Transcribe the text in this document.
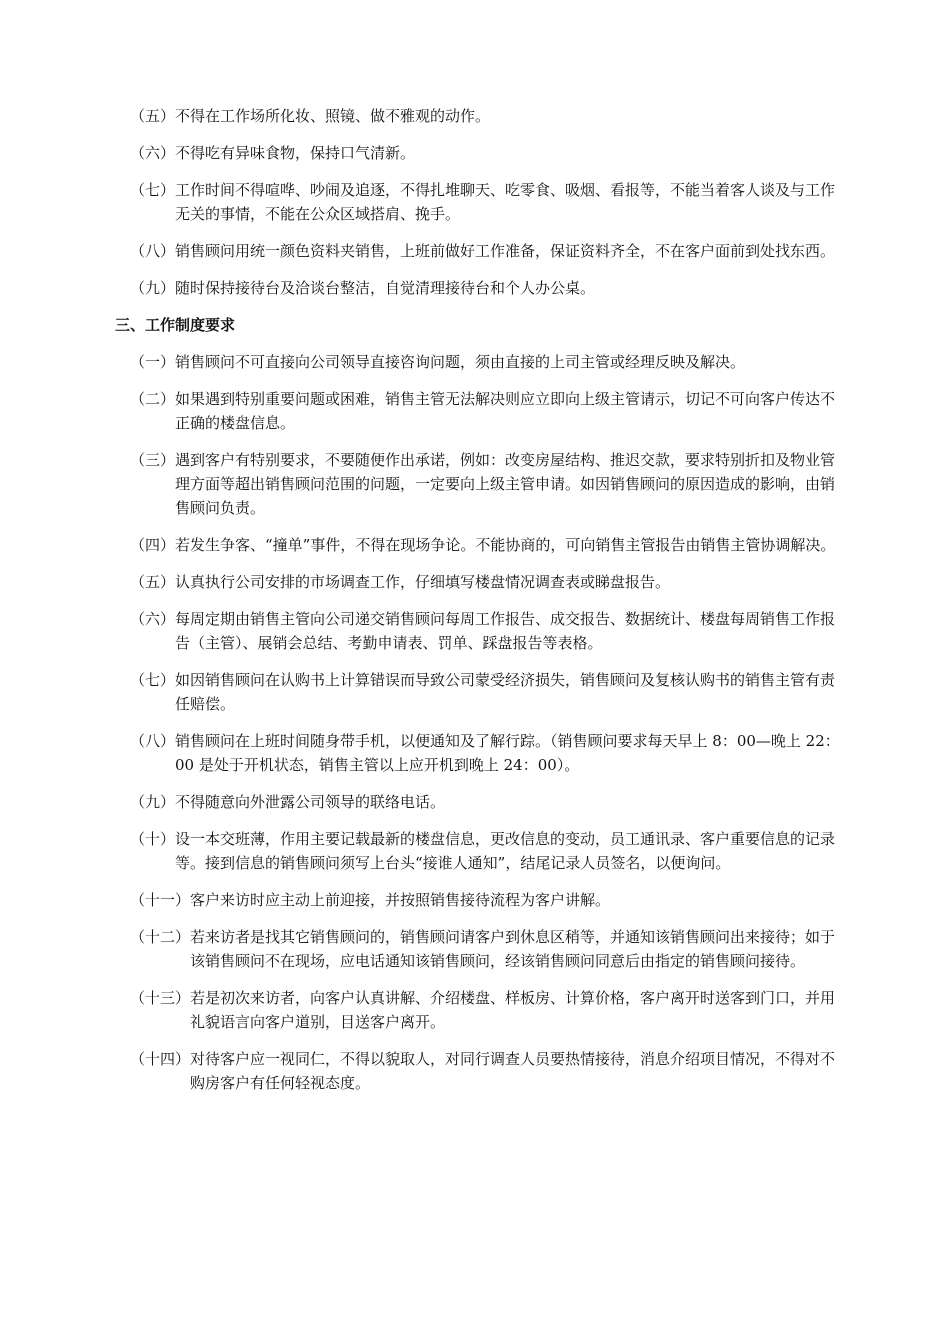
（五） 不得在工作场所化妆、照镜、做不雅观的动作。
（六） 不得吃有异味食物，保持口气清新。
（七） 工作时间不得喧哗、吵闹及追逐，不得扎堆聊天、吃零食、吸烟、看报等，不能当着客人谈及与工作无关的事情，不能在公众区域搭肩、挽手。
（八） 销售顾问用统一颜色资料夹销售，上班前做好工作准备，保证资料齐全，不在客户面前到处找东西。
（九） 随时保持接待台及洽谈台整洁，自觉清理接待台和个人办公桌。
三、工作制度要求
（一） 销售顾问不可直接向公司领导直接咨询问题，须由直接的上司主管或经理反映及解决。
（二） 如果遇到特别重要问题或困难，销售主管无法解决则应立即向上级主管请示，切记不可向客户传达不正确的楼盘信息。
（三） 遇到客户有特别要求，不要随便作出承诺，例如：改变房屋结构、推迟交款，要求特别折扣及物业管理方面等超出销售顾问范围的问题，一定要向上级主管申请。如因销售顾问的原因造成的影响，由销售顾问负责。
（四） 若发生争客、“撞单”事件，不得在现场争论。不能协商的，可向销售主管报告由销售主管协调解决。
（五） 认真执行公司安排的市场调查工作，仔细填写楼盘情况调查表或睇盘报告。
（六） 每周定期由销售主管向公司递交销售顾问每周工作报告、成交报告、数据统计、楼盘每周销售工作报告（主管）、展销会总结、考勤申请表、罚单、踩盘报告等表格。
（七） 如因销售顾问在认购书上计算错误而导致公司蒙受经济损失，销售顾问及复核认购书的销售主管有责任赔偿。
（八） 销售顾问在上班时间随身带手机，以便通知及了解行踪。（销售顾问要求每天早上 8：00—晚上 22：00 是处于开机状态，销售主管以上应开机到晚上 24：00）。
（九） 不得随意向外泄露公司领导的联络电话。
（十） 设一本交班薄，作用主要记载最新的楼盘信息，更改信息的变动，员工通讯录、客户重要信息的记录等。接到信息的销售顾问须写上台头“接谁人通知”，结尾记录人员签名，以便询问。
（十一） 客户来访时应主动上前迎接，并按照销售接待流程为客户讲解。
（十二） 若来访者是找其它销售顾问的，销售顾问请客户到休息区稍等，并通知该销售顾问出来接待；如于该销售顾问不在现场，应电话通知该销售顾问，经该销售顾问同意后由指定的销售顾问接待。
（十三） 若是初次来访者，向客户认真讲解、介绍楼盘、样板房、计算价格，客户离开时送客到门口，并用礼貌语言向客户道别，目送客户离开。
（十四） 对待客户应一视同仁，不得以貌取人，对同行调查人员要热情接待，消息介绍项目情况，不得对不购房客户有任何轻视态度。
